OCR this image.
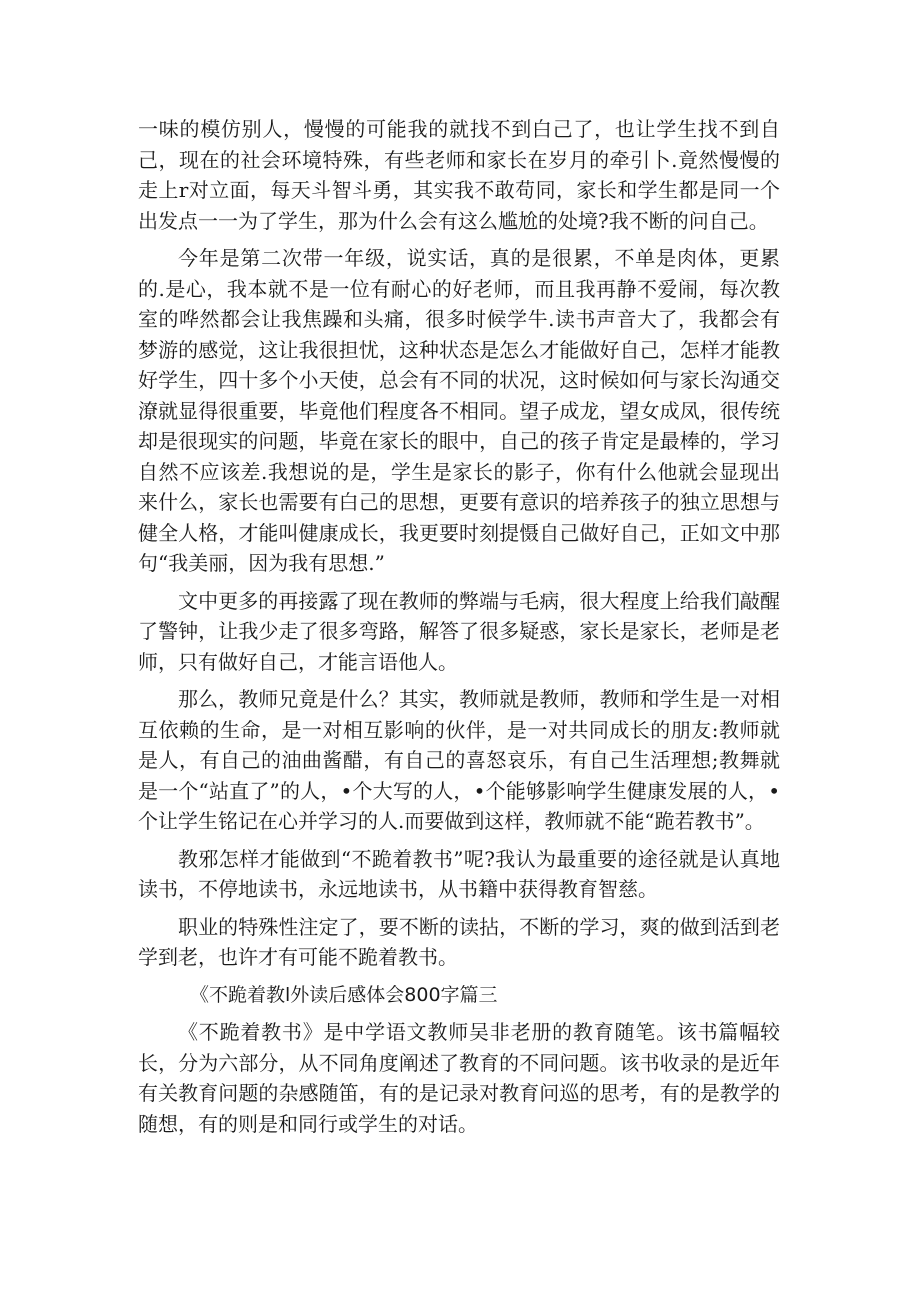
一味的模仿别人，慢慢的可能我的就找不到白己了，也让学生找不到自己，现在的社会环境特殊，有些老师和家长在岁月的牵引卜.竟然慢慢的走上r对立面，每天斗智斗勇，其实我不敢苟同，家长和学生都是同一个出发点一一为了学生，那为什么会有这么尴尬的处境?我不断的问自己。

今年是第二次带一年级，说实话，真的是很累，不单是肉体，更累的.是心，我本就不是一位有耐心的好老师，而且我再静不爱闹，每次教室的哗然都会让我焦躁和头痛，很多时候学牛.读书声音大了，我都会有梦游的感觉，这让我很担忧，这种状态是怎么才能做好自己，怎样才能教好学生，四十多个小天使，总会有不同的状况，这时候如何与家长沟通交潦就显得很重要，毕竟他们程度各不相同。望子成龙，望女成凤，很传统却是很现实的问题，毕竟在家长的眼中，自己的孩子肯定是最棒的，学习自然不应该差.我想说的是，学生是家长的影子，你有什么他就会显现出来什么，家长也需要有白己的思想，更要有意识的培养孩子的独立思想与健全人格，才能叫健康成长，我更要时刻提慑自己做好自己，正如文中那句“我美丽，因为我有思想.”

文中更多的再接露了现在教师的弊端与毛病，很大程度上给我们敲醒了警钟，让我少走了很多弯路，解答了很多疑惑，家长是家长，老师是老师，只有做好自己，才能言语他人。

那么，教师兄竟是什么？其实，教师就是教师，教师和学生是一对相互依赖的生命，是一对相互影响的伙伴，是一对共同成长的朋友:教师就是人，有自己的油曲酱醋，有自己的喜怒哀乐，有自己生活理想;教舞就是一个“站直了”的人，•个大写的人，•个能够影响学生健康发展的人，•个让学生铭记在心并学习的人.而要做到这样，教师就不能“跪若教书”。

教邪怎样才能做到“不跪着教书”呢?我认为最重要的途径就是认真地读书，不停地读书，永远地读书，从书籍中获得教育智慈。

职业的特殊性注定了，要不断的读拈，不断的学习，爽的做到活到老学到老，也许才有可能不跪着教书。

《不跪着教l外读后感体会800字篇三

《不跪着教书》是中学语文教师吴非老册的教育随笔。该书篇幅较长，分为六部分，从不同角度阐述了教育的不同问题。该书收录的是近年有关教育问题的杂感随笛，有的是记录对教育问巡的思考，有的是教学的随想，有的则是和同行或学生的对话。
